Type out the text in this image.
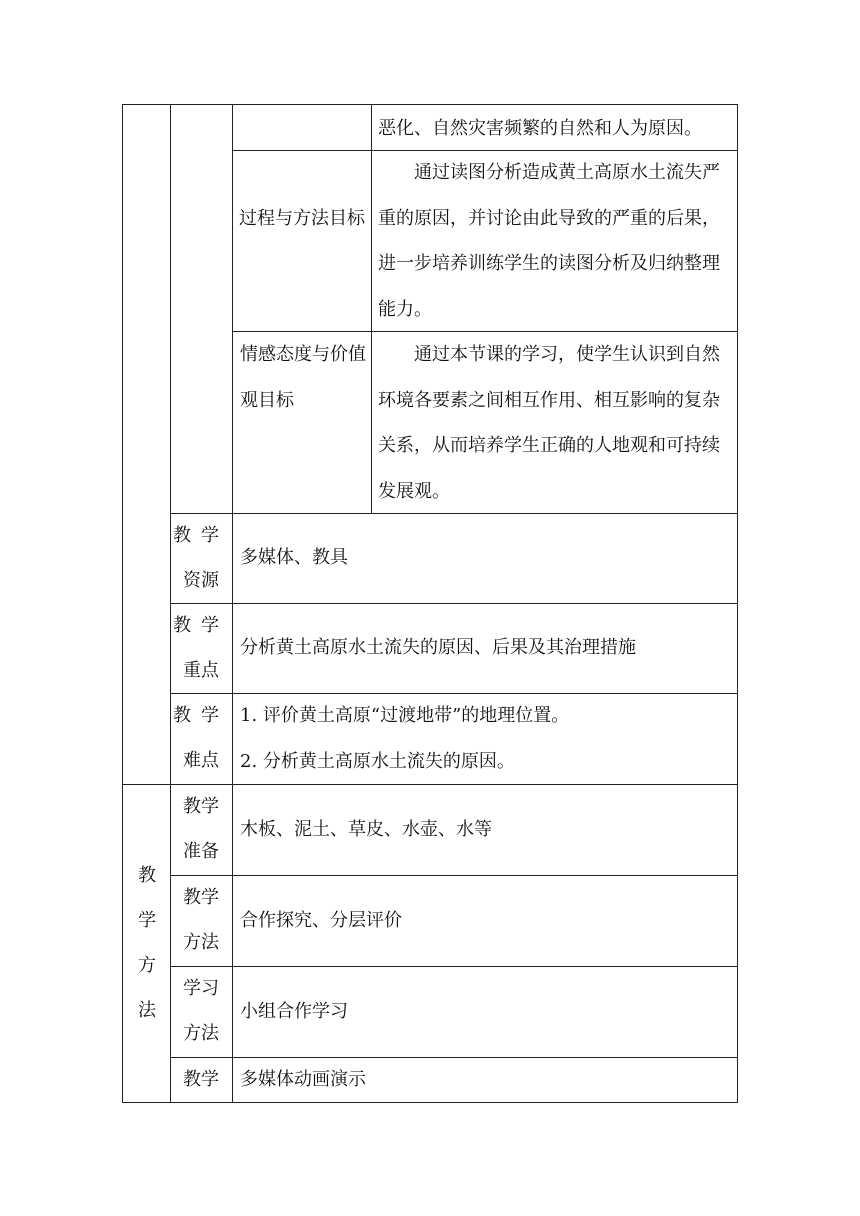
恶化、自然灾害频繁的自然和人为原因。
过程与方法目标
通过读图分析造成黄土高原水土流失严重的原因，并讨论由此导致的严重的后果，进一步培养训练学生的读图分析及归纳整理能力。
情感态度与价值观目标
通过本节课的学习，使学生认识到自然环境各要素之间相互作用、相互影响的复杂关系，从而培养学生正确的人地观和可持续发展观。
教学
资源
多媒体、教具
教学
重点
分析黄土高原水土流失的原因、后果及其治理措施
教学
难点
1. 评价黄土高原“过渡地带”的地理位置。
2. 分析黄土高原水土流失的原因。
教
学
方
法
教学
准备
木板、泥土、草皮、水壶、水等
教学
方法
合作探究、分层评价
学习
方法
小组合作学习
教学	多媒体动画演示
